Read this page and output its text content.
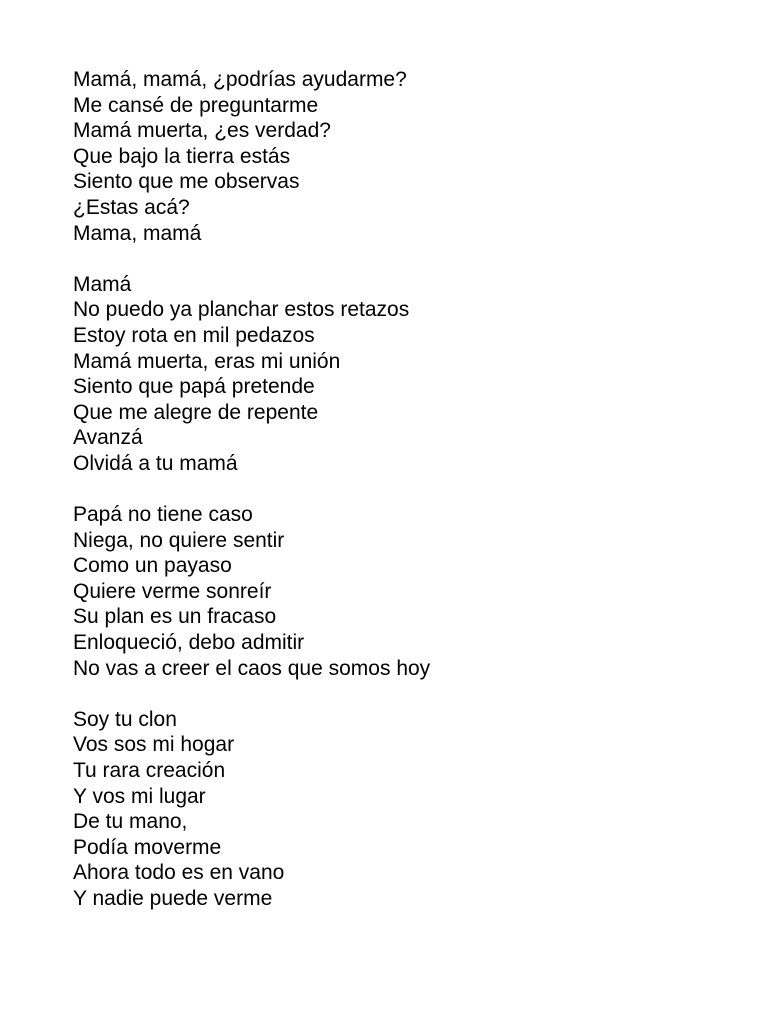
Mamá, mamá, ¿podrías ayudarme?
Me cansé de preguntarme
Mamá muerta, ¿es verdad?
Que bajo la tierra estás
Siento que me observas
¿Estas acá?
Mama, mamá
Mamá
No puedo ya planchar estos retazos
Estoy rota en mil pedazos
Mamá muerta, eras mi unión
Siento que papá pretende
Que me alegre de repente
Avanzá
Olvidá a tu mamá
Papá no tiene caso
Niega, no quiere sentir
Como un payaso
Quiere verme sonreír
Su plan es un fracaso
Enloqueció, debo admitir
No vas a creer el caos que somos hoy
Soy tu clon
Vos sos mi hogar
Tu rara creación
Y vos mi lugar
De tu mano,
Podía moverme
Ahora todo es en vano
Y nadie puede verme
